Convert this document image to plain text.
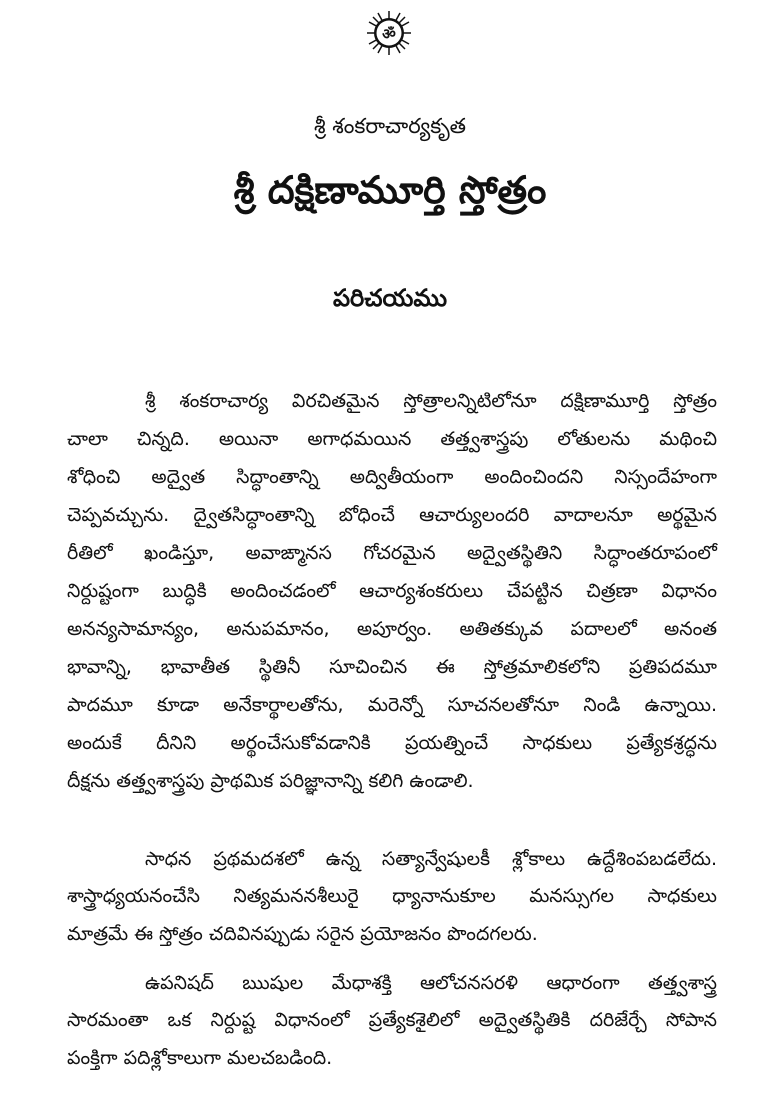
ॐ
శ్రీ శంకరాచార్యకృత
శ్రీ దక్షిణామూర్తి స్తోత్రం
పరిచయము
శ్రీ శంకరాచార్య విరచితమైన స్తోత్రాలన్నిటిలోనూ దక్షిణామూర్తి స్తోత్రం
చాలా చిన్నది. అయినా అగాధమయిన తత్త్వశాస్త్రపు లోతులను మథించి
శోధించి అద్వైత సిద్ధాంతాన్ని అద్వితీయంగా అందించిందని నిస్సందేహంగా
చెప్పవచ్చును. ద్వైతసిద్ధాంతాన్ని బోధించే ఆచార్యులందరి వాదాలనూ అర్థమైన
రీతిలో ఖండిస్తూ, అవాఙ్మానస గోచరమైన అద్వైతస్థితిని సిద్ధాంతరూపంలో
నిర్దుష్టంగా బుద్ధికి అందించడంలో ఆచార్యశంకరులు చేపట్టిన చిత్రణా విధానం
అనన్యసామాన్యం, అనుపమానం, అపూర్వం. అతితక్కువ పదాలలో అనంత
భావాన్ని, భావాతీత స్థితినీ సూచించిన ఈ స్తోత్రమాలికలోని ప్రతిపదమూ
పాదమూ కూడా అనేకార్థాలతోను, మరెన్నో సూచనలతోనూ నిండి ఉన్నాయి.
అందుకే దీనిని అర్థంచేసుకోవడానికి ప్రయత్నించే సాధకులు ప్రత్యేకశ్రద్ధను
దీక్షను తత్త్వశాస్త్రపు ప్రాథమిక పరిజ్ఞానాన్ని కలిగి ఉండాలి.
సాధన ప్రథమదశలో ఉన్న సత్యాన్వేషులకీ శ్లోకాలు ఉద్దేశింపబడలేదు.
శాస్త్రాధ్యయనంచేసి నిత్యమననశీలురై ధ్యానానుకూల మనస్సుగల సాధకులు
మాత్రమే ఈ స్తోత్రం చదివినప్పుడు సరైన ప్రయోజనం పొందగలరు.
ఉపనిషద్ ఋషుల మేధాశక్తి ఆలోచనసరళి ఆధారంగా తత్త్వశాస్త్ర
సారమంతా ఒక నిర్దుష్ట విధానంలో ప్రత్యేకశైలిలో అద్వైతస్థితికి దరిజేర్చే సోపాన
పంక్తిగా పదిశ్లోకాలుగా మలచబడింది.
